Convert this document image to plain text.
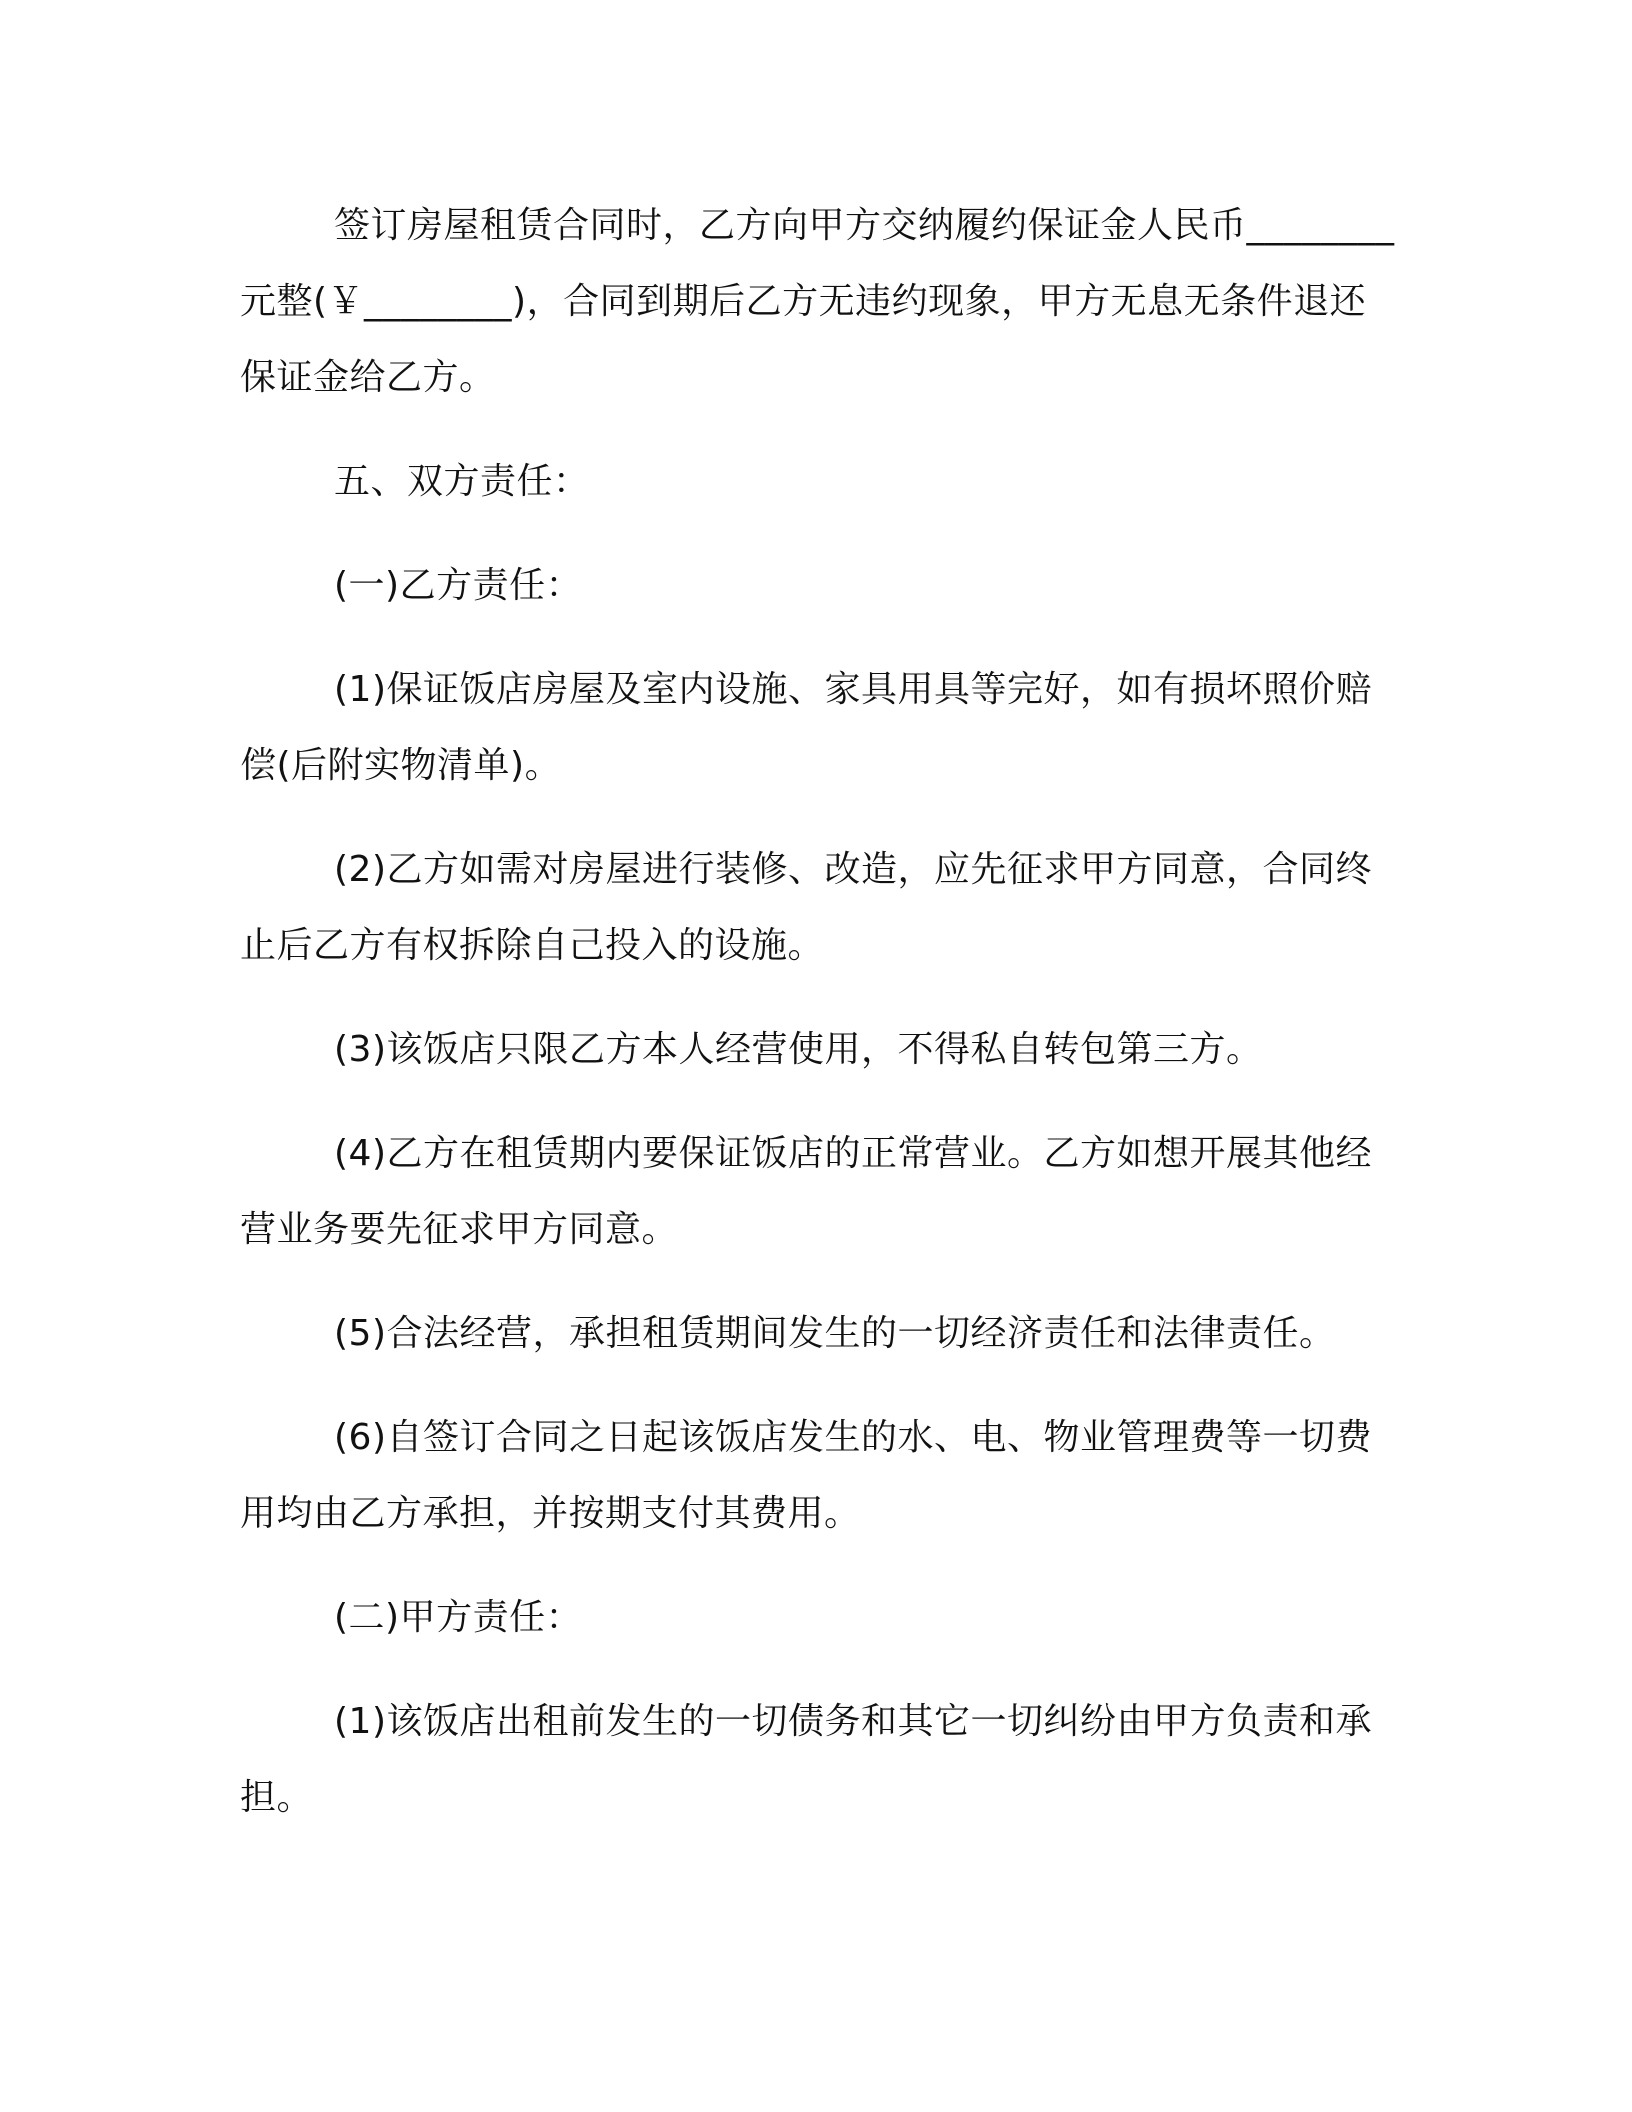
签订房屋租赁合同时，乙方向甲方交纳履约保证金人民币________元整(￥________)，合同到期后乙方无违约现象，甲方无息无条件退还保证金给乙方。

五、双方责任：

(一)乙方责任：

(1)保证饭店房屋及室内设施、家具用具等完好，如有损坏照价赔偿(后附实物清单)。

(2)乙方如需对房屋进行装修、改造，应先征求甲方同意，合同终止后乙方有权拆除自己投入的设施。

(3)该饭店只限乙方本人经营使用，不得私自转包第三方。

(4)乙方在租赁期内要保证饭店的正常营业。乙方如想开展其他经营业务要先征求甲方同意。

(5)合法经营，承担租赁期间发生的一切经济责任和法律责任。

(6)自签订合同之日起该饭店发生的水、电、物业管理费等一切费用均由乙方承担，并按期支付其费用。

(二)甲方责任：

(1)该饭店出租前发生的一切债务和其它一切纠纷由甲方负责和承担。
